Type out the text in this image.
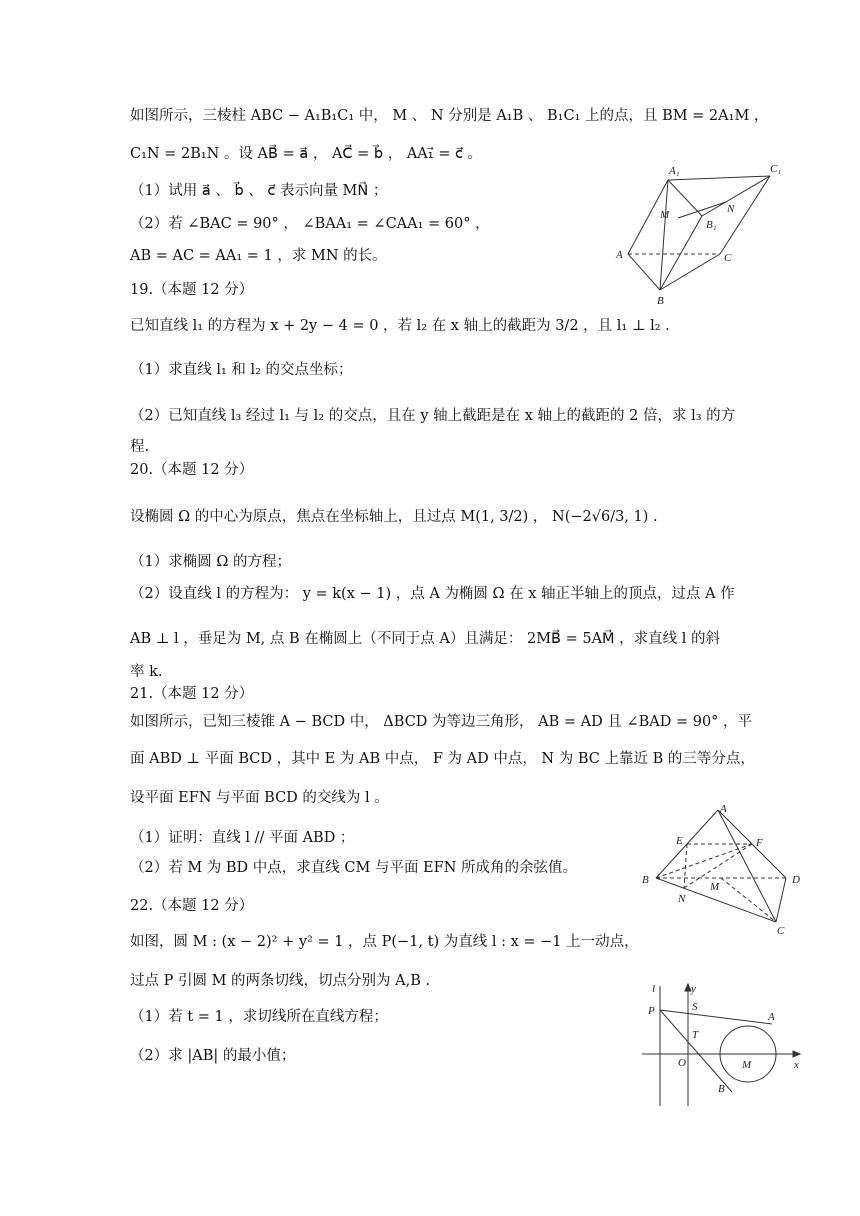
如图所示，三棱柱 ABC − A₁B₁C₁ 中， M 、 N 分别是 A₁B 、 B₁C₁ 上的点，且 BM = 2A₁M ，
C₁N = 2B₁N 。设 AB⃗ = a⃗ ， AC⃗ = b⃗ ， AA₁⃗ = c⃗ 。
（1）试用 a⃗ 、 b⃗ 、 c⃗ 表示向量 MN⃗ ；
（2）若 ∠BAC = 90° ， ∠BAA₁ = ∠CAA₁ = 60° ，
AB = AC = AA₁ = 1 ，求 MN 的长。
A₁	C₁
M	N
B₁
A	C
B
19.（本题 12 分）
已知直线 l₁ 的方程为 x + 2y − 4 = 0 ，若 l₂ 在 x 轴上的截距为 3/2 ，且 l₁ ⊥ l₂ .
（1）求直线 l₁ 和 l₂ 的交点坐标；
（2）已知直线 l₃ 经过 l₁ 与 l₂ 的交点，且在 y 轴上截距是在 x 轴上的截距的 2 倍，求 l₃ 的方
程.
20.（本题 12 分）
设椭圆 Ω 的中心为原点，焦点在坐标轴上，且过点 M(1, 3/2) ， N(−2√6/3, 1) .
（1）求椭圆 Ω 的方程；
（2）设直线 l 的方程为： y = k(x − 1) ，点 A 为椭圆 Ω 在 x 轴正半轴上的顶点，过点 A 作
AB ⊥ l ，垂足为 M, 点 B 在椭圆上（不同于点 A）且满足： 2MB⃗ = 5AM⃗ ，求直线 l 的斜
率 k.
21.（本题 12 分）
如图所示，已知三棱锥 A − BCD 中， ΔBCD 为等边三角形， AB = AD 且 ∠BAD = 90° ，平
面 ABD ⊥ 平面 BCD ，其中 E 为 AB 中点， F 为 AD 中点， N 为 BC 上靠近 B 的三等分点，
设平面 EFN 与平面 BCD 的交线为 l 。
（1）证明：直线 l // 平面 ABD ；
（2）若 M 为 BD 中点，求直线 CM 与平面 EFN 所成角的余弦值。
A
E	F
B
M
D
N
C
22.（本题 12 分）
如图，圆 M : (x − 2)² + y² = 1 ，点 P(−1, t) 为直线 l : x = −1 上一动点，
过点 P 引圆 M 的两条切线，切点分别为 A,B .
（1）若 t = 1 ，求切线所在直线方程；
（2）求 |AB| 的最小值；
l	y
P	S
A
T
O	M	x
B
